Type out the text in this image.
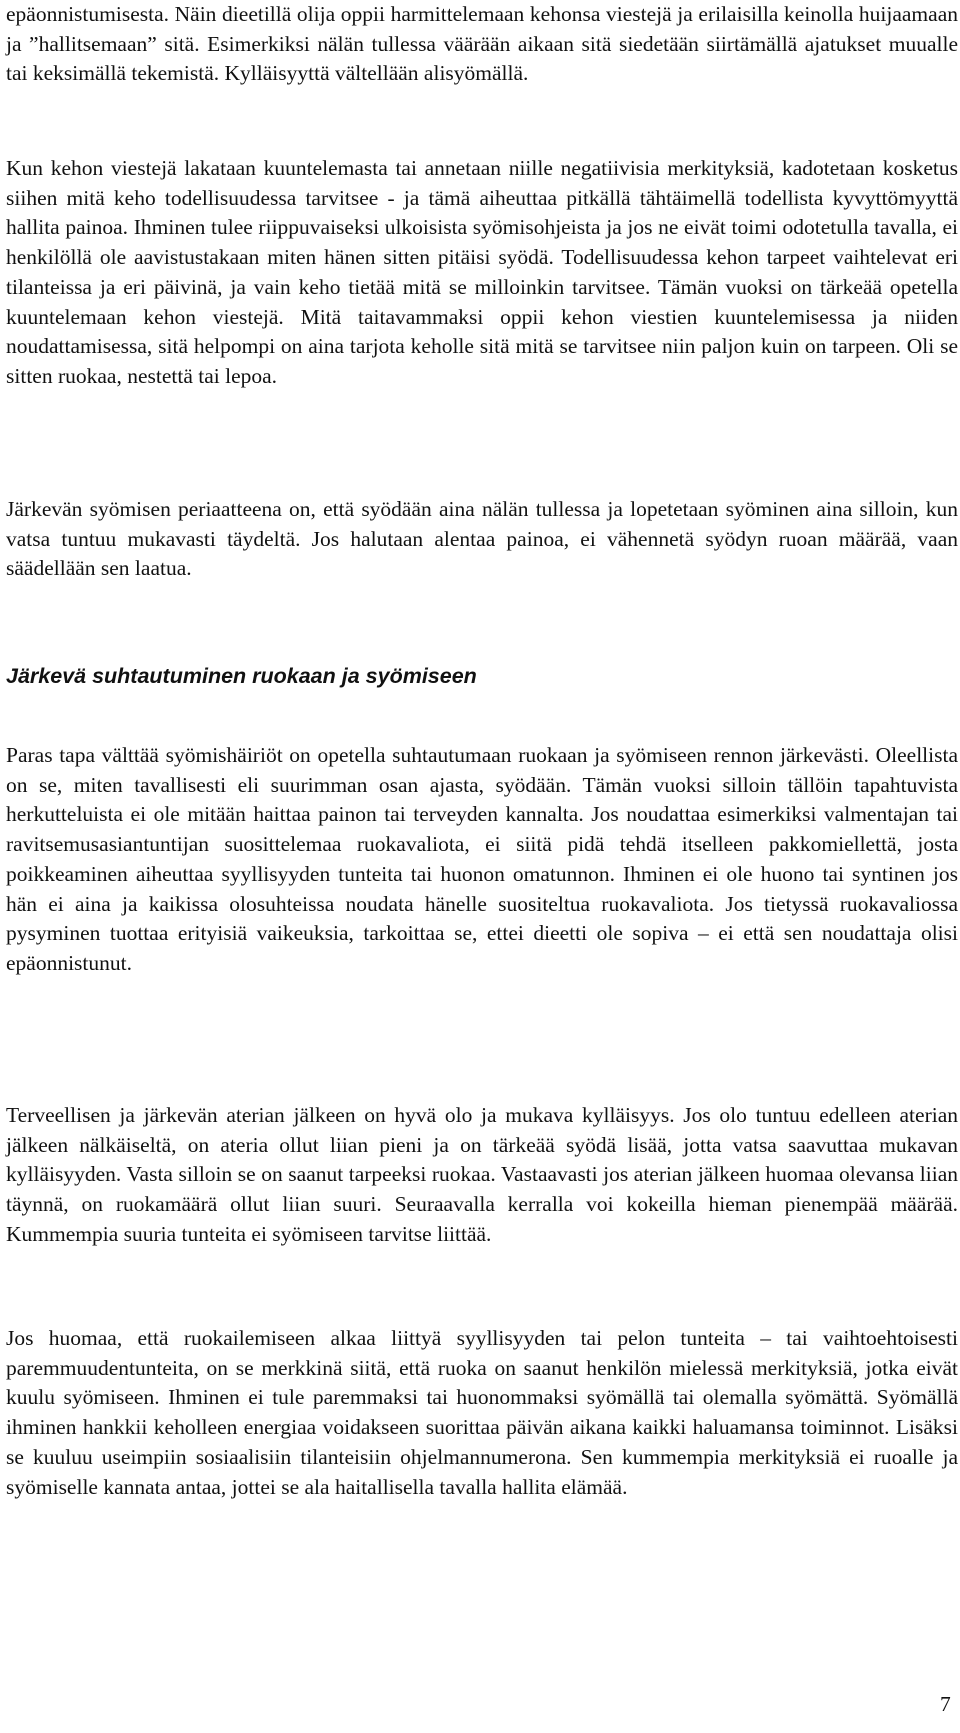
epäonnistumisesta. Näin dieetillä olija oppii harmittelemaan kehonsa viestejä ja erilaisilla keinolla huijaamaan ja ”hallitsemaan” sitä. Esimerkiksi nälän tullessa väärään aikaan sitä siedetään siirtämällä ajatukset muualle tai keksimällä tekemistä. Kylläisyyttä vältellään alisyömällä.

Kun kehon viestejä lakataan kuuntelemasta tai annetaan niille negatiivisia merkityksiä, kadotetaan kosketus siihen mitä keho todellisuudessa tarvitsee - ja tämä aiheuttaa pitkällä tähtäimellä todellista kyvyttömyyttä hallita painoa. Ihminen tulee riippuvaiseksi ulkoisista syömisohjeista ja jos ne eivät toimi odotetulla tavalla, ei henkilöllä ole aavistustakaan miten hänen sitten pitäisi syödä. Todellisuudessa kehon tarpeet vaihtelevat eri tilanteissa ja eri päivinä, ja vain keho tietää mitä se milloinkin tarvitsee. Tämän vuoksi on tärkeää opetella kuuntelemaan kehon viestejä. Mitä taitavammaksi oppii kehon viestien kuuntelemisessa ja niiden noudattamisessa, sitä helpompi on aina tarjota keholle sitä mitä se tarvitsee niin paljon kuin on tarpeen. Oli se sitten ruokaa, nestettä tai lepoa.

Järkevän syömisen periaatteena on, että syödään aina nälän tullessa ja lopetetaan syöminen aina silloin, kun vatsa tuntuu mukavasti täydeltä. Jos halutaan alentaa painoa, ei vähennetä syödyn ruoan määrää, vaan säädellään sen laatua.

Järkevä suhtautuminen ruokaan ja syömiseen

Paras tapa välttää syömishäiriöt on opetella suhtautumaan ruokaan ja syömiseen rennon järkevästi. Oleellista on se, miten tavallisesti eli suurimman osan ajasta, syödään. Tämän vuoksi silloin tällöin tapahtuvista herkutteluista ei ole mitään haittaa painon tai terveyden kannalta. Jos noudattaa esimerkiksi valmentajan tai ravitsemusasiantuntijan suosittelemaa ruokavaliota, ei siitä pidä tehdä itselleen pakkomiellettä, josta poikkeaminen aiheuttaa syyllisyyden tunteita tai huonon omatunnon. Ihminen ei ole huono tai syntinen jos hän ei aina ja kaikissa olosuhteissa noudata hänelle suositeltua ruokavaliota. Jos tietyssä ruokavaliossa pysyminen tuottaa erityisiä vaikeuksia, tarkoittaa se, ettei dieetti ole sopiva – ei että sen noudattaja olisi epäonnistunut.

Terveellisen ja järkevän aterian jälkeen on hyvä olo ja mukava kylläisyys. Jos olo tuntuu edelleen aterian jälkeen nälkäiseltä, on ateria ollut liian pieni ja on tärkeää syödä lisää, jotta vatsa saavuttaa mukavan kylläisyyden. Vasta silloin se on saanut tarpeeksi ruokaa. Vastaavasti jos aterian jälkeen huomaa olevansa liian täynnä, on ruokamäärä ollut liian suuri. Seuraavalla kerralla voi kokeilla hieman pienempää määrää. Kummempia suuria tunteita ei syömiseen tarvitse liittää.

Jos huomaa, että ruokailemiseen alkaa liittyä syyllisyyden tai pelon tunteita – tai vaihtoehtoisesti paremmuudentunteita, on se merkkinä siitä, että ruoka on saanut henkilön mielessä merkityksiä, jotka eivät kuulu syömiseen. Ihminen ei tule paremmaksi tai huonommaksi syömällä tai olemalla syömättä. Syömällä ihminen hankkii keholleen energiaa voidakseen suorittaa päivän aikana kaikki haluamansa toiminnot. Lisäksi se kuuluu useimpiin sosiaalisiin tilanteisiin ohjelmannumerona. Sen kummempia merkityksiä ei ruoalle ja syömiselle kannata antaa, jottei se ala haitallisella tavalla hallita elämää.

7
